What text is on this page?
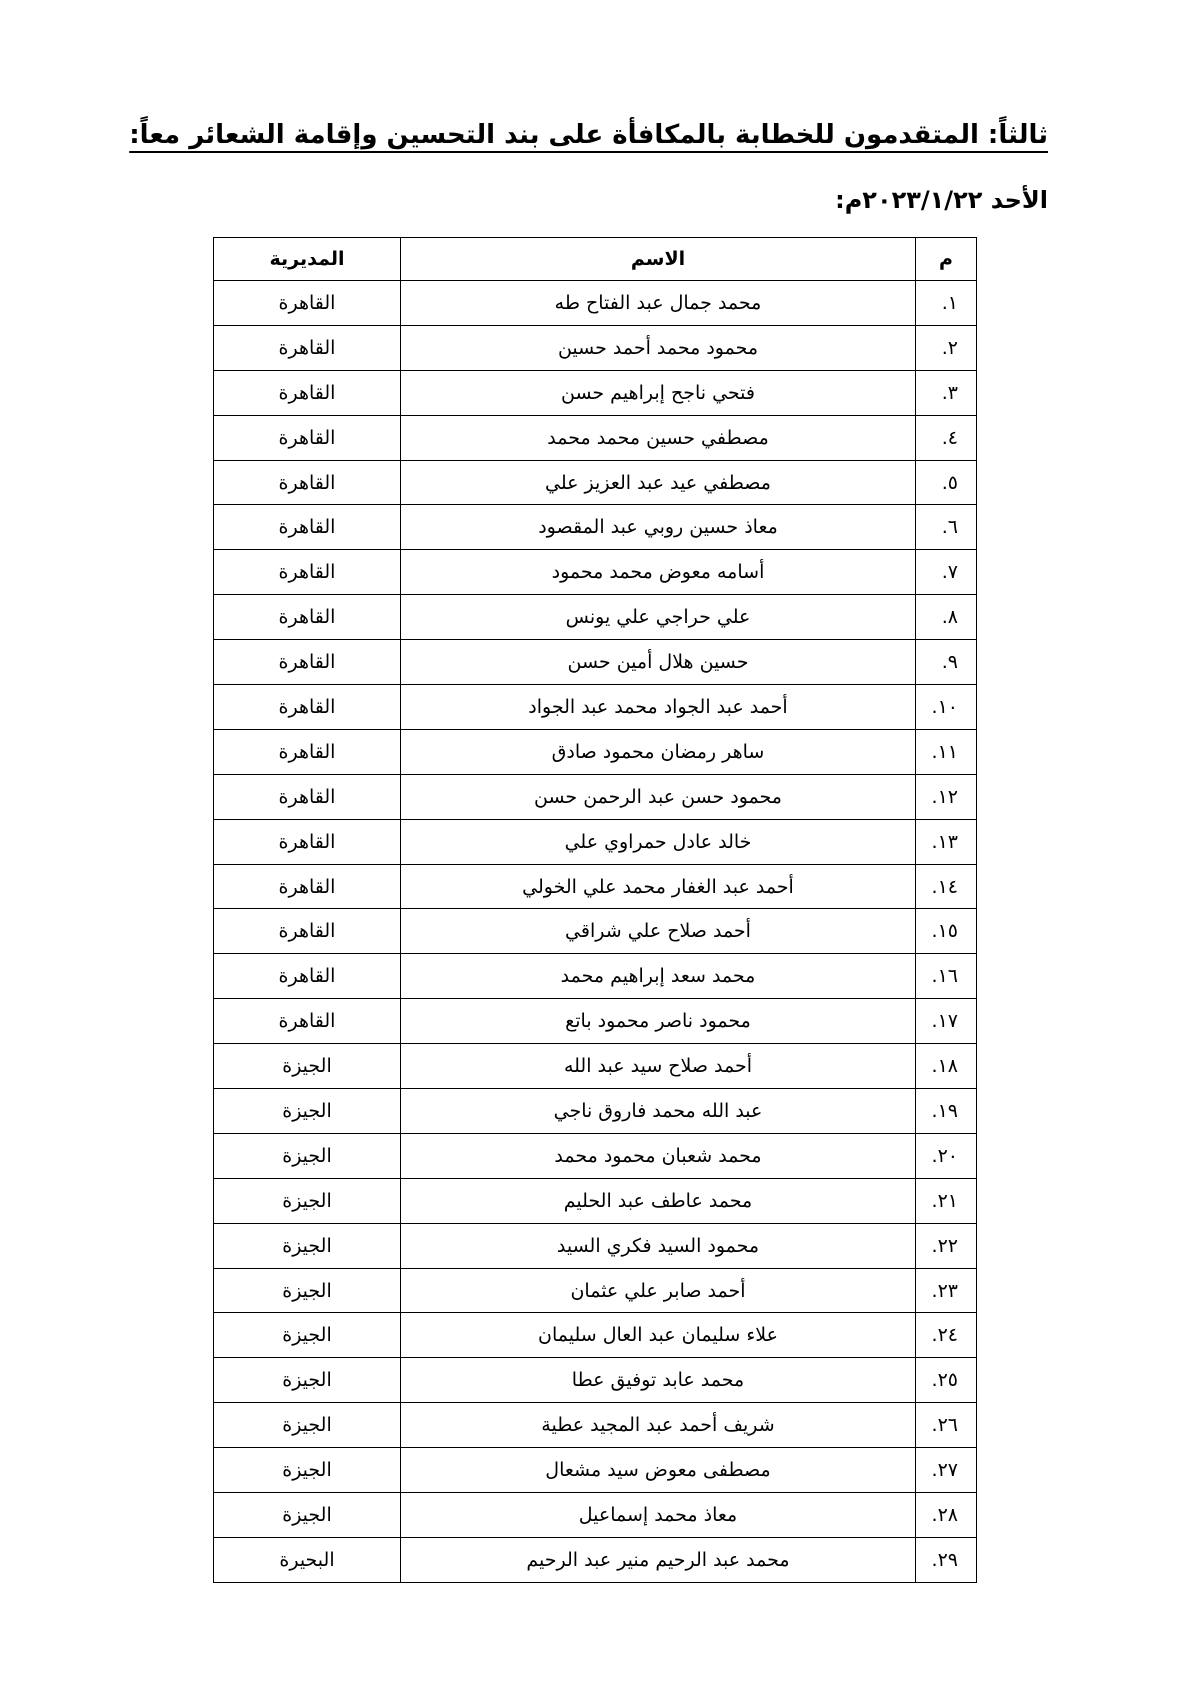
ثالثاً: المتقدمون للخطابة بالمكافأة على بند التحسين وإقامة الشعائر معاً:
الأحد ٢٠٢٣/١/٢٢م:
م	الاسم	المديرية
١.	محمد جمال عبد الفتاح طه	القاهرة
٢.	محمود محمد أحمد حسين	القاهرة
٣.	فتحي ناجح إبراهيم حسن	القاهرة
٤.	مصطفي حسين محمد محمد	القاهرة
٥.	مصطفي عيد عبد العزيز علي	القاهرة
٦.	معاذ حسين روبي عبد المقصود	القاهرة
٧.	أسامه معوض محمد محمود	القاهرة
٨.	علي حراجي علي يونس	القاهرة
٩.	حسين هلال أمين حسن	القاهرة
١٠.	أحمد عبد الجواد محمد عبد الجواد	القاهرة
١١.	ساهر رمضان محمود صادق	القاهرة
١٢.	محمود حسن عبد الرحمن حسن	القاهرة
١٣.	خالد عادل حمراوي علي	القاهرة
١٤.	أحمد عبد الغفار محمد علي الخولي	القاهرة
١٥.	أحمد صلاح علي شراقي	القاهرة
١٦.	محمد سعد إبراهيم محمد	القاهرة
١٧.	محمود ناصر محمود باتع	القاهرة
١٨.	أحمد صلاح سيد عبد الله	الجيزة
١٩.	عبد الله محمد فاروق ناجي	الجيزة
٢٠.	محمد شعبان محمود محمد	الجيزة
٢١.	محمد عاطف عبد الحليم	الجيزة
٢٢.	محمود السيد فكري السيد	الجيزة
٢٣.	أحمد صابر علي عثمان	الجيزة
٢٤.	علاء سليمان عبد العال سليمان	الجيزة
٢٥.	محمد عابد توفيق عطا	الجيزة
٢٦.	شريف أحمد عبد المجيد عطية	الجيزة
٢٧.	مصطفى معوض سيد مشعال	الجيزة
٢٨.	معاذ محمد إسماعيل	الجيزة
٢٩.	محمد عبد الرحيم منير عبد الرحيم	البحيرة
